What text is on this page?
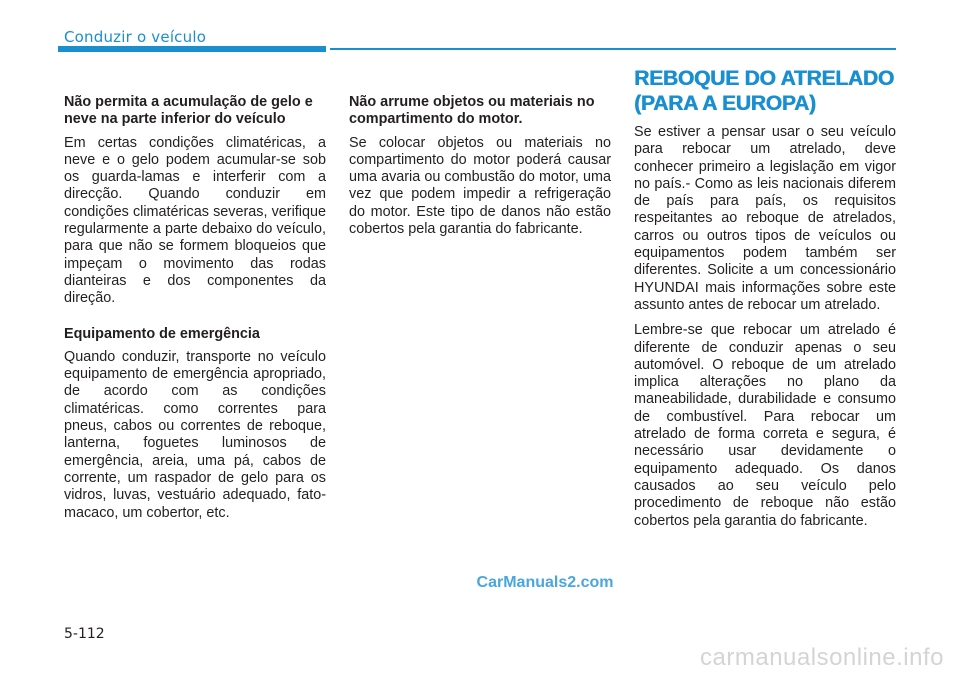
Conduzir o veículo

Não permita a acumulação de gelo e neve na parte inferior do veículo

Em certas condições climatéricas, a neve e o gelo podem acumular-se sob os guarda-lamas e interferir com a direcção. Quando conduzir em condições climatéricas severas, verifique regularmente a parte debaixo do veículo, para que não se formem bloqueios que impeçam o movimento das rodas dianteiras e dos componentes da direção.

Equipamento de emergência

Quando conduzir, transporte no veículo equipamento de emergência apropriado, de acordo com as condições climatéricas. como correntes para pneus, cabos ou correntes de reboque, lanterna, foguetes luminosos de emergência, areia, uma pá, cabos de corrente, um raspador de gelo para os vidros, luvas, vestuário adequado, fato-macaco, um cobertor, etc.

Não arrume objetos ou materiais no compartimento do motor.

Se colocar objetos ou materiais no compartimento do motor poderá causar uma avaria ou combustão do motor, uma vez que podem impedir a refrigeração do motor. Este tipo de danos não estão cobertos pela garantia do fabricante.

REBOQUE DO ATRELADO
(PARA A EUROPA)

Se estiver a pensar usar o seu veículo para rebocar um atrelado, deve conhecer primeiro a legislação em vigor no país.- Como as leis nacionais diferem de país para país, os requisitos respeitantes ao reboque de atrelados, carros ou outros tipos de veículos ou equipamentos podem também ser diferentes. Solicite a um concessionário HYUNDAI mais informações sobre este assunto antes de rebocar um atrelado.

Lembre-se que rebocar um atrelado é diferente de conduzir apenas o seu automóvel. O reboque de um atrelado implica alterações no plano da maneabilidade, durabilidade e consumo de combustível. Para rebocar um atrelado de forma correta e segura, é necessário usar devidamente o equipamento adequado. Os danos causados ao seu veículo pelo procedimento de reboque não estão cobertos pela garantia do fabricante.

CarManuals2.com
5-112
carmanualsonline.info
